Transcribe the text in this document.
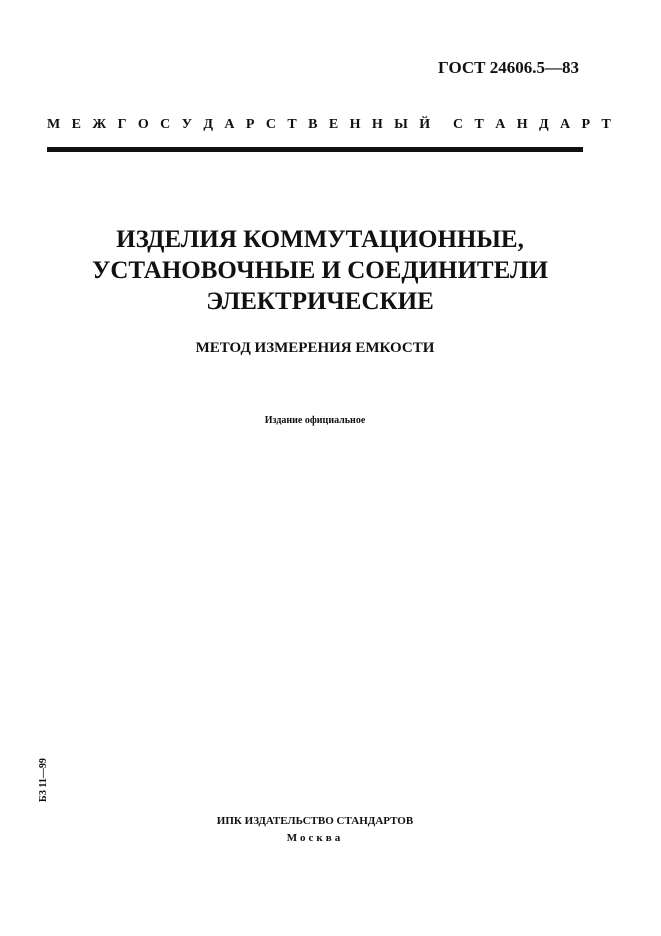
ГОСТ 24606.5—83
М Е Ж Г О С У Д А Р С Т В Е Н Н Ы Й С Т А Н Д А Р Т
ИЗДЕЛИЯ КОММУТАЦИОННЫЕ,
УСТАНОВОЧНЫЕ И СОЕДИНИТЕЛИ
ЭЛЕКТРИЧЕСКИЕ
МЕТОД ИЗМЕРЕНИЯ ЕМКОСТИ
Издание официальное
БЗ 11—99
ИПК ИЗДАТЕЛЬСТВО СТАНДАРТОВ
Москва
